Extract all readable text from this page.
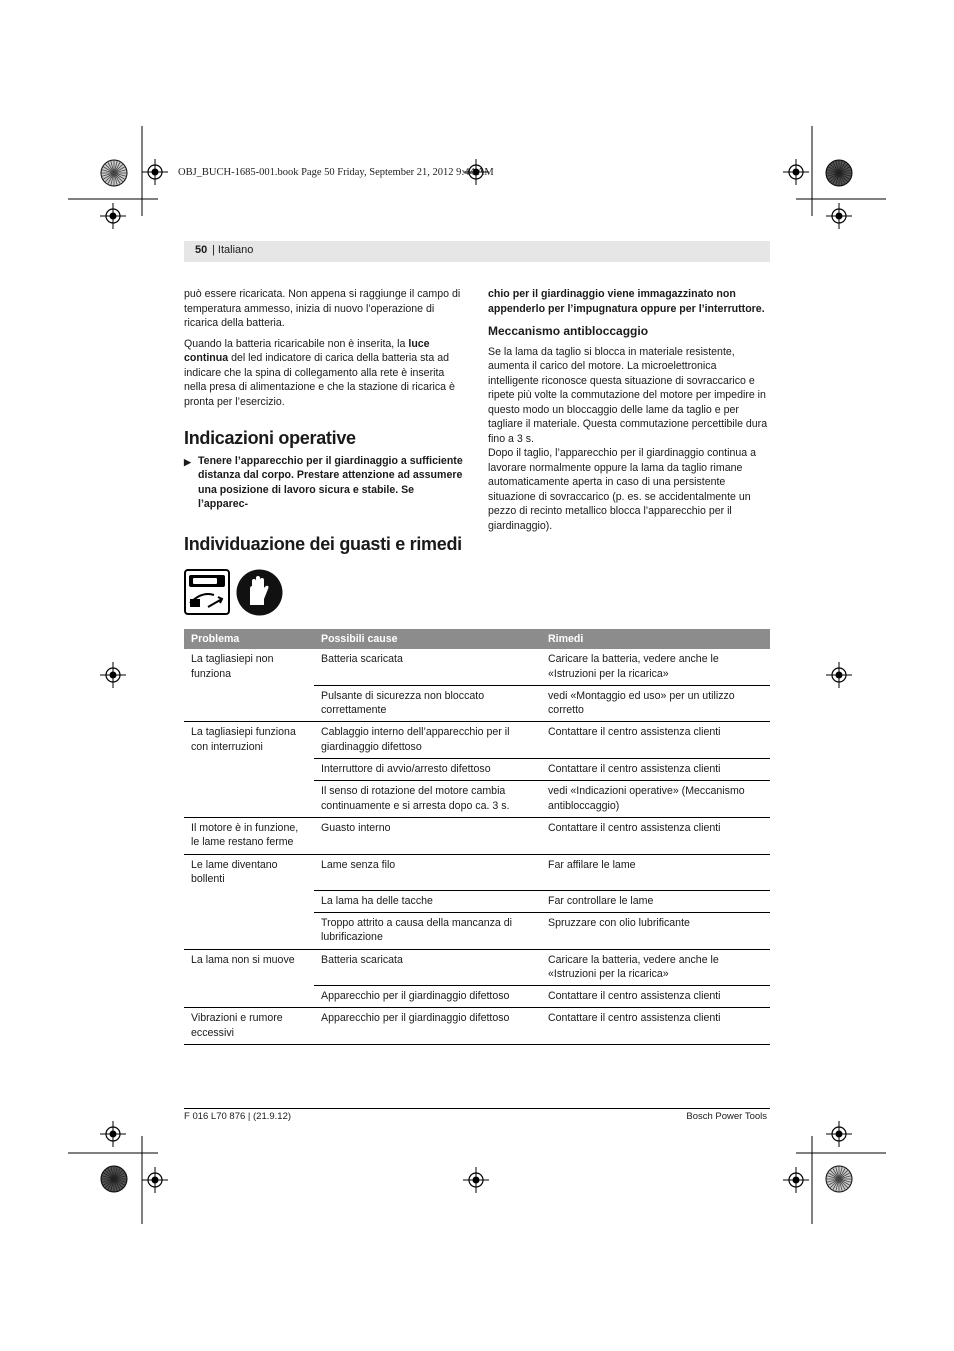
OBJ_BUCH-1685-001.book Page 50 Friday, September 21, 2012 9:44 AM
50 | Italiano

può essere ricaricata. Non appena si raggiunge il campo di temperatura ammesso, inizia di nuovo l’operazione di ricarica della batteria.

Quando la batteria ricaricabile non è inserita, la luce continua del led indicatore di carica della batteria sta ad indicare che la spina di collegamento alla rete è inserita nella presa di alimentazione e che la stazione di ricarica è pronta per l’esercizio.

Indicazioni operative
▶ Tenere l’apparecchio per il giardinaggio a sufficiente distanza dal corpo. Prestare attenzione ad assumere una posizione di lavoro sicura e stabile. Se l’apparec-

chio per il giardinaggio viene immagazzinato non appenderlo per l’impugnatura oppure per l’interruttore.

Meccanismo antibloccaggio

Se la lama da taglio si blocca in materiale resistente, aumenta il carico del motore. La microelettronica intelligente riconosce questa situazione di sovraccarico e ripete più volte la commutazione del motore per impedire in questo modo un bloccaggio delle lame da taglio e per tagliare il materiale. Questa commutazione percettibile dura fino a 3 s.

Dopo il taglio, l’apparecchio per il giardinaggio continua a lavorare normalmente oppure la lama da taglio rimane automaticamente aperta in caso di una persistente situazione di sovraccarico (p. es. se accidentalmente un pezzo di recinto metallico blocca l’apparecchio per il giardinaggio).

Individuazione dei guasti e rimedi
Problema	Possibili cause	Rimedi
La tagliasiepi non funziona	Batteria scaricata	Caricare la batteria, vedere anche le «Istruzioni per la ricarica»
	Pulsante di sicurezza non bloccato correttamente	vedi «Montaggio ed uso» per un utilizzo corretto
La tagliasiepi funziona con interruzioni	Cablaggio interno dell’apparecchio per il giardinaggio difettoso	Contattare il centro assistenza clienti
	Interruttore di avvio/arresto difettoso	Contattare il centro assistenza clienti
	Il senso di rotazione del motore cambia continuamente e si arresta dopo ca. 3 s.	vedi «Indicazioni operative» (Meccanismo antibloccaggio)
Il motore è in funzione, le lame restano ferme	Guasto interno	Contattare il centro assistenza clienti
Le lame diventano bollenti	Lame senza filo	Far affilare le lame
	La lama ha delle tacche	Far controllare le lame
	Troppo attrito a causa della mancanza di lubrificazione	Spruzzare con olio lubrificante
La lama non si muove	Batteria scaricata	Caricare la batteria, vedere anche le «Istruzioni per la ricarica»
	Apparecchio per il giardinaggio difettoso	Contattare il centro assistenza clienti
Vibrazioni e rumore eccessivi	Apparecchio per il giardinaggio difettoso	Contattare il centro assistenza clienti
F 016 L70 876 | (21.9.12)	Bosch Power Tools
